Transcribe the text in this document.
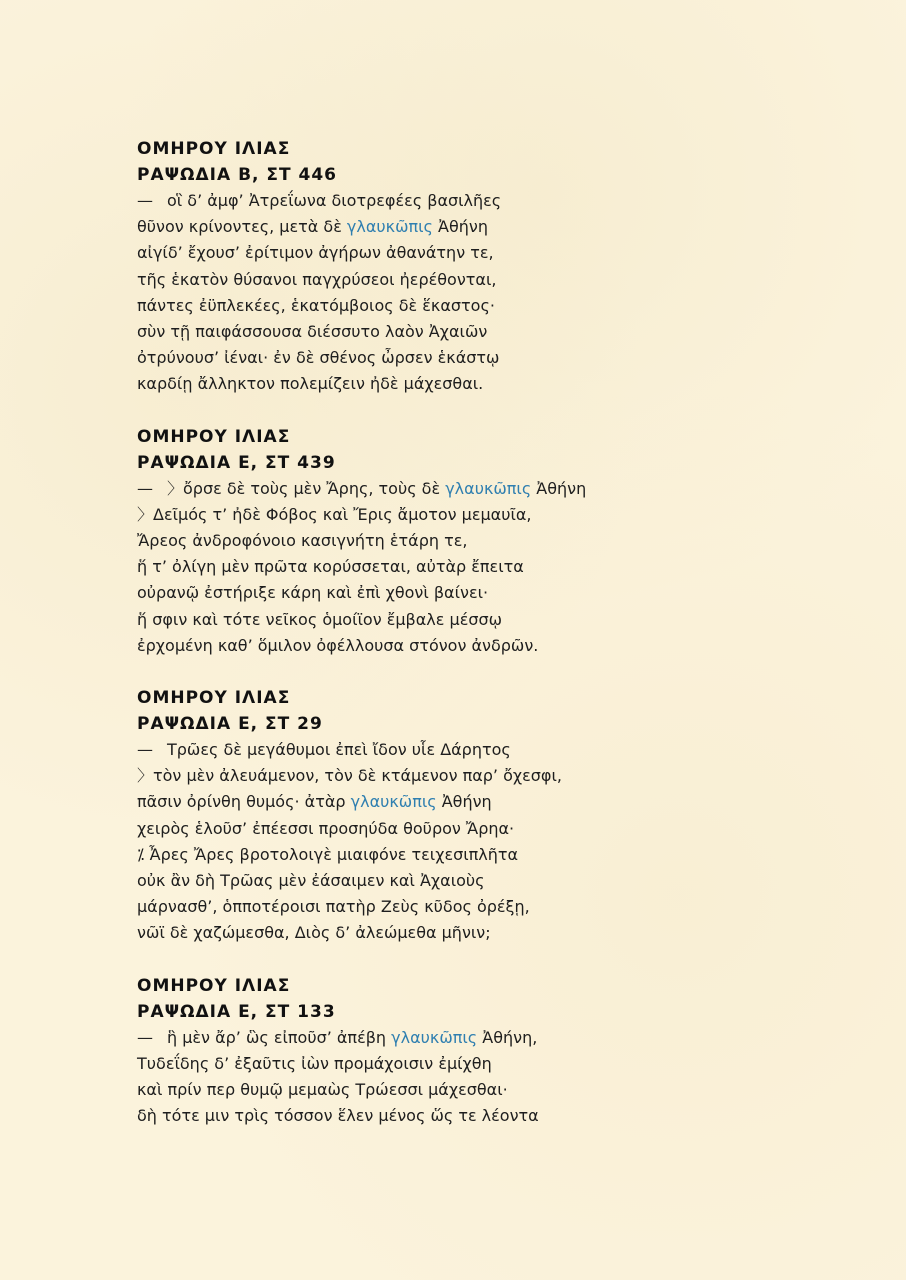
ΟΜΗΡΟΥ ΙΛΙΑΣ
ΡΑΨΩΔΙΑ Β, ΣΤ 446
— οἳ δ’ ἀμφ’ Ἀτρεΐωνα διοτρεφέες βασιλῆες
θῦνον κρίνοντες, μετὰ δὲ γλαυκῶπις Ἀθήνη
αἰγίδ’ ἔχουσ’ ἐρίτιμον ἀγήρων ἀθανάτην τε,
τῆς ἑκατὸν θύσανοι παγχρύσεοι ἠερέθονται,
πάντες ἐϋπλεκέες, ἑκατόμβοιος δὲ ἕκαστος·
σὺν τῇ παιφάσσουσα διέσσυτο λαὸν Ἀχαιῶν
ὀτρύνουσ’ ἰέναι· ἐν δὲ σθένος ὦρσεν ἑκάστῳ
καρδίῃ ἄλληκτον πολεμίζειν ἠδὲ μάχεσθαι.
ΟΜΗΡΟΥ ΙΛΙΑΣ
ΡΑΨΩΔΙΑ Ε, ΣΤ 439
— 〉ὄρσε δὲ τοὺς μὲν Ἄρης, τοὺς δὲ γλαυκῶπις Ἀθήνη
〉Δεῖμός τ’ ἠδὲ Φόβος καὶ Ἔρις ἄμοτον μεμαυῖα,
Ἄρεος ἀνδροφόνοιο κασιγνήτη ἑτάρη τε,
ἥ τ’ ὀλίγη μὲν πρῶτα κορύσσεται, αὐτὰρ ἔπειτα
οὐρανῷ ἐστήριξε κάρη καὶ ἐπὶ χθονὶ βαίνει·
ἥ σφιν καὶ τότε νεῖκος ὁμοίϊον ἔμβαλε μέσσῳ
ἐρχομένη καθ’ ὅμιλον ὀφέλλουσα στόνον ἀνδρῶν.
ΟΜΗΡΟΥ ΙΛΙΑΣ
ΡΑΨΩΔΙΑ Ε, ΣΤ 29
— Τρῶες δὲ μεγάθυμοι ἐπεὶ ἴδον υἷε Δάρητος
〉τὸν μὲν ἀλευάμενον, τὸν δὲ κτάμενον παρ’ ὄχεσφι,
πᾶσιν ὀρίνθη θυμός· ἀτὰρ γλαυκῶπις Ἀθήνη
χειρὸς ἑλοῦσ’ ἐπέεσσι προσηύδα θοῦρον Ἄρηα·
⁒ Ἆρες Ἄρες βροτολοιγὲ μιαιφόνε τειχεσιπλῆτα
οὐκ ἂν δὴ Τρῶας μὲν ἐάσαιμεν καὶ Ἀχαιοὺς
μάρνασθ’, ὁπποτέροισι πατὴρ Ζεὺς κῦδος ὀρέξῃ,
νῶϊ δὲ χαζώμεσθα, Διὸς δ’ ἀλεώμεθα μῆνιν;
ΟΜΗΡΟΥ ΙΛΙΑΣ
ΡΑΨΩΔΙΑ Ε, ΣΤ 133
— ἣ μὲν ἄρ’ ὣς εἰποῦσ’ ἀπέβη γλαυκῶπις Ἀθήνη,
Τυδεΐδης δ’ ἐξαῦτις ἰὼν προμάχοισιν ἐμίχθη
καὶ πρίν περ θυμῷ μεμαὼς Τρώεσσι μάχεσθαι·
δὴ τότε μιν τρὶς τόσσον ἕλεν μένος ὥς τε λέοντα
